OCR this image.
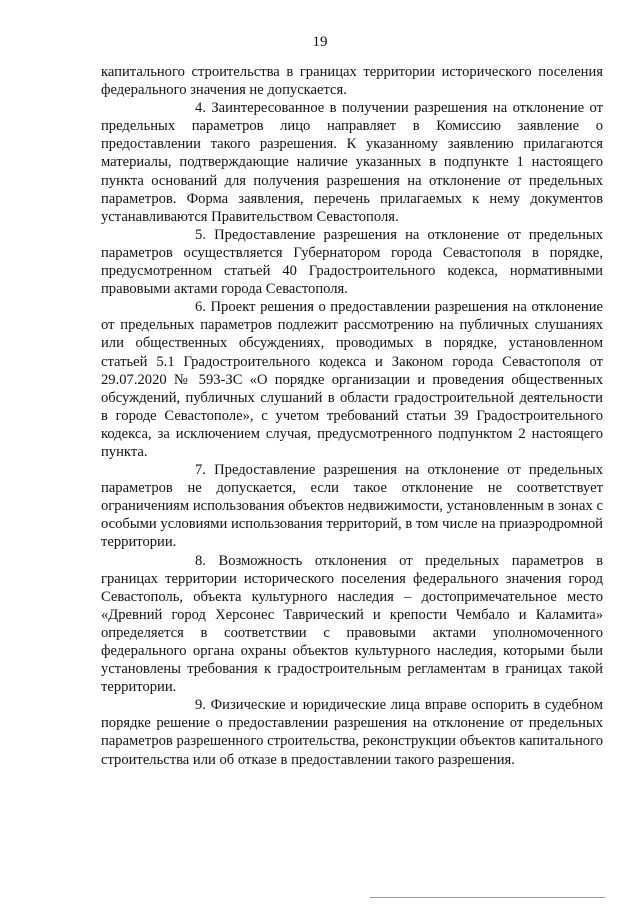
19

капитального строительства в границах территории исторического поселения федерального значения не допускается.

4. Заинтересованное в получении разрешения на отклонение от предельных параметров лицо направляет в Комиссию заявление о предоставлении такого разрешения. К указанному заявлению прилагаются материалы, подтверждающие наличие указанных в подпункте 1 настоящего пункта оснований для получения разрешения на отклонение от предельных параметров. Форма заявления, перечень прилагаемых к нему документов устанавливаются Правительством Севастополя.

5. Предоставление разрешения на отклонение от предельных параметров осуществляется Губернатором города Севастополя в порядке, предусмотренном статьей 40 Градостроительного кодекса, нормативными правовыми актами города Севастополя.

6. Проект решения о предоставлении разрешения на отклонение от предельных параметров подлежит рассмотрению на публичных слушаниях или общественных обсуждениях, проводимых в порядке, установленном статьей 5.1 Градостроительного кодекса и Законом города Севастополя от 29.07.2020 № 593-ЗС «О порядке организации и проведения общественных обсуждений, публичных слушаний в области градостроительной деятельности в городе Севастополе», с учетом требований статьи 39 Градостроительного кодекса, за исключением случая, предусмотренного подпунктом 2 настоящего пункта.

7. Предоставление разрешения на отклонение от предельных параметров не допускается, если такое отклонение не соответствует ограничениям использования объектов недвижимости, установленным в зонах с особыми условиями использования территорий, в том числе на приаэродромной территории.

8. Возможность отклонения от предельных параметров в границах территории исторического поселения федерального значения город Севастополь, объекта культурного наследия – достопримечательное место «Древний город Херсонес Таврический и крепости Чембало и Каламита» определяется в соответствии с правовыми актами уполномоченного федерального органа охраны объектов культурного наследия, которыми были установлены требования к градостроительным регламентам в границах такой территории.

9. Физические и юридические лица вправе оспорить в судебном порядке решение о предоставлении разрешения на отклонение от предельных параметров разрешенного строительства, реконструкции объектов капитального строительства или об отказе в предоставлении такого разрешения.
